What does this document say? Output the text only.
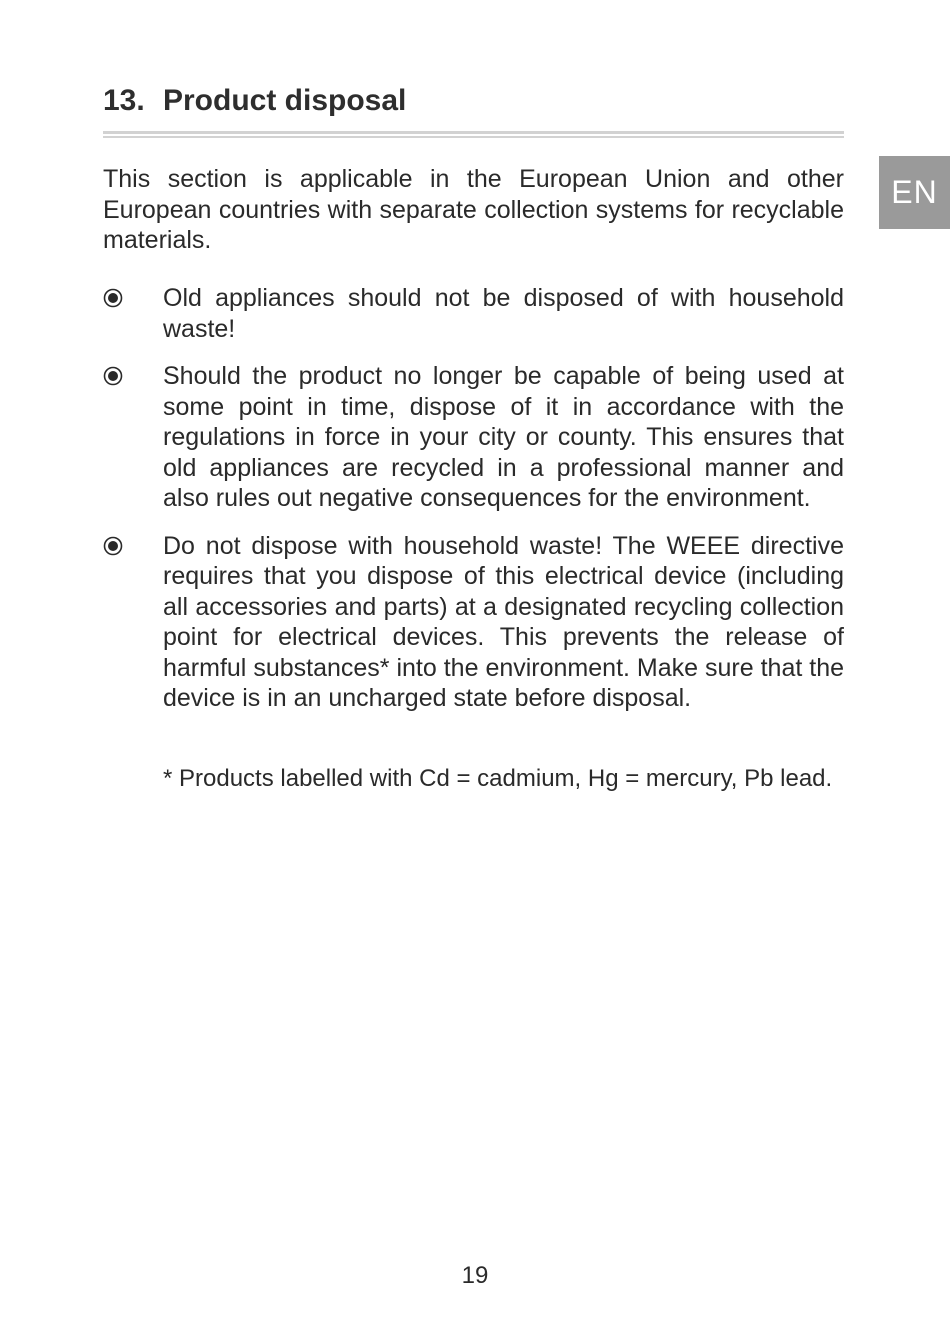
13. Product disposal
EN

This section is applicable in the European Union and other European countries with separate collection systems for recyclable materials.

Old appliances should not be disposed of with household waste!
Should the product no longer be capable of being used at some point in time, dispose of it in accordance with the regulations in force in your city or county. This ensures that old appliances are recycled in a professional manner and also rules out negative consequences for the environment.
Do not dispose with household waste! The WEEE directive requires that you dispose of this electrical device (including all accessories and parts) at a designated recycling collection point for electrical devices. This prevents the release of harmful substances* into the environment. Make sure that the device is in an uncharged state before disposal.

* Products labelled with Cd = cadmium, Hg = mercury, Pb lead.

19
